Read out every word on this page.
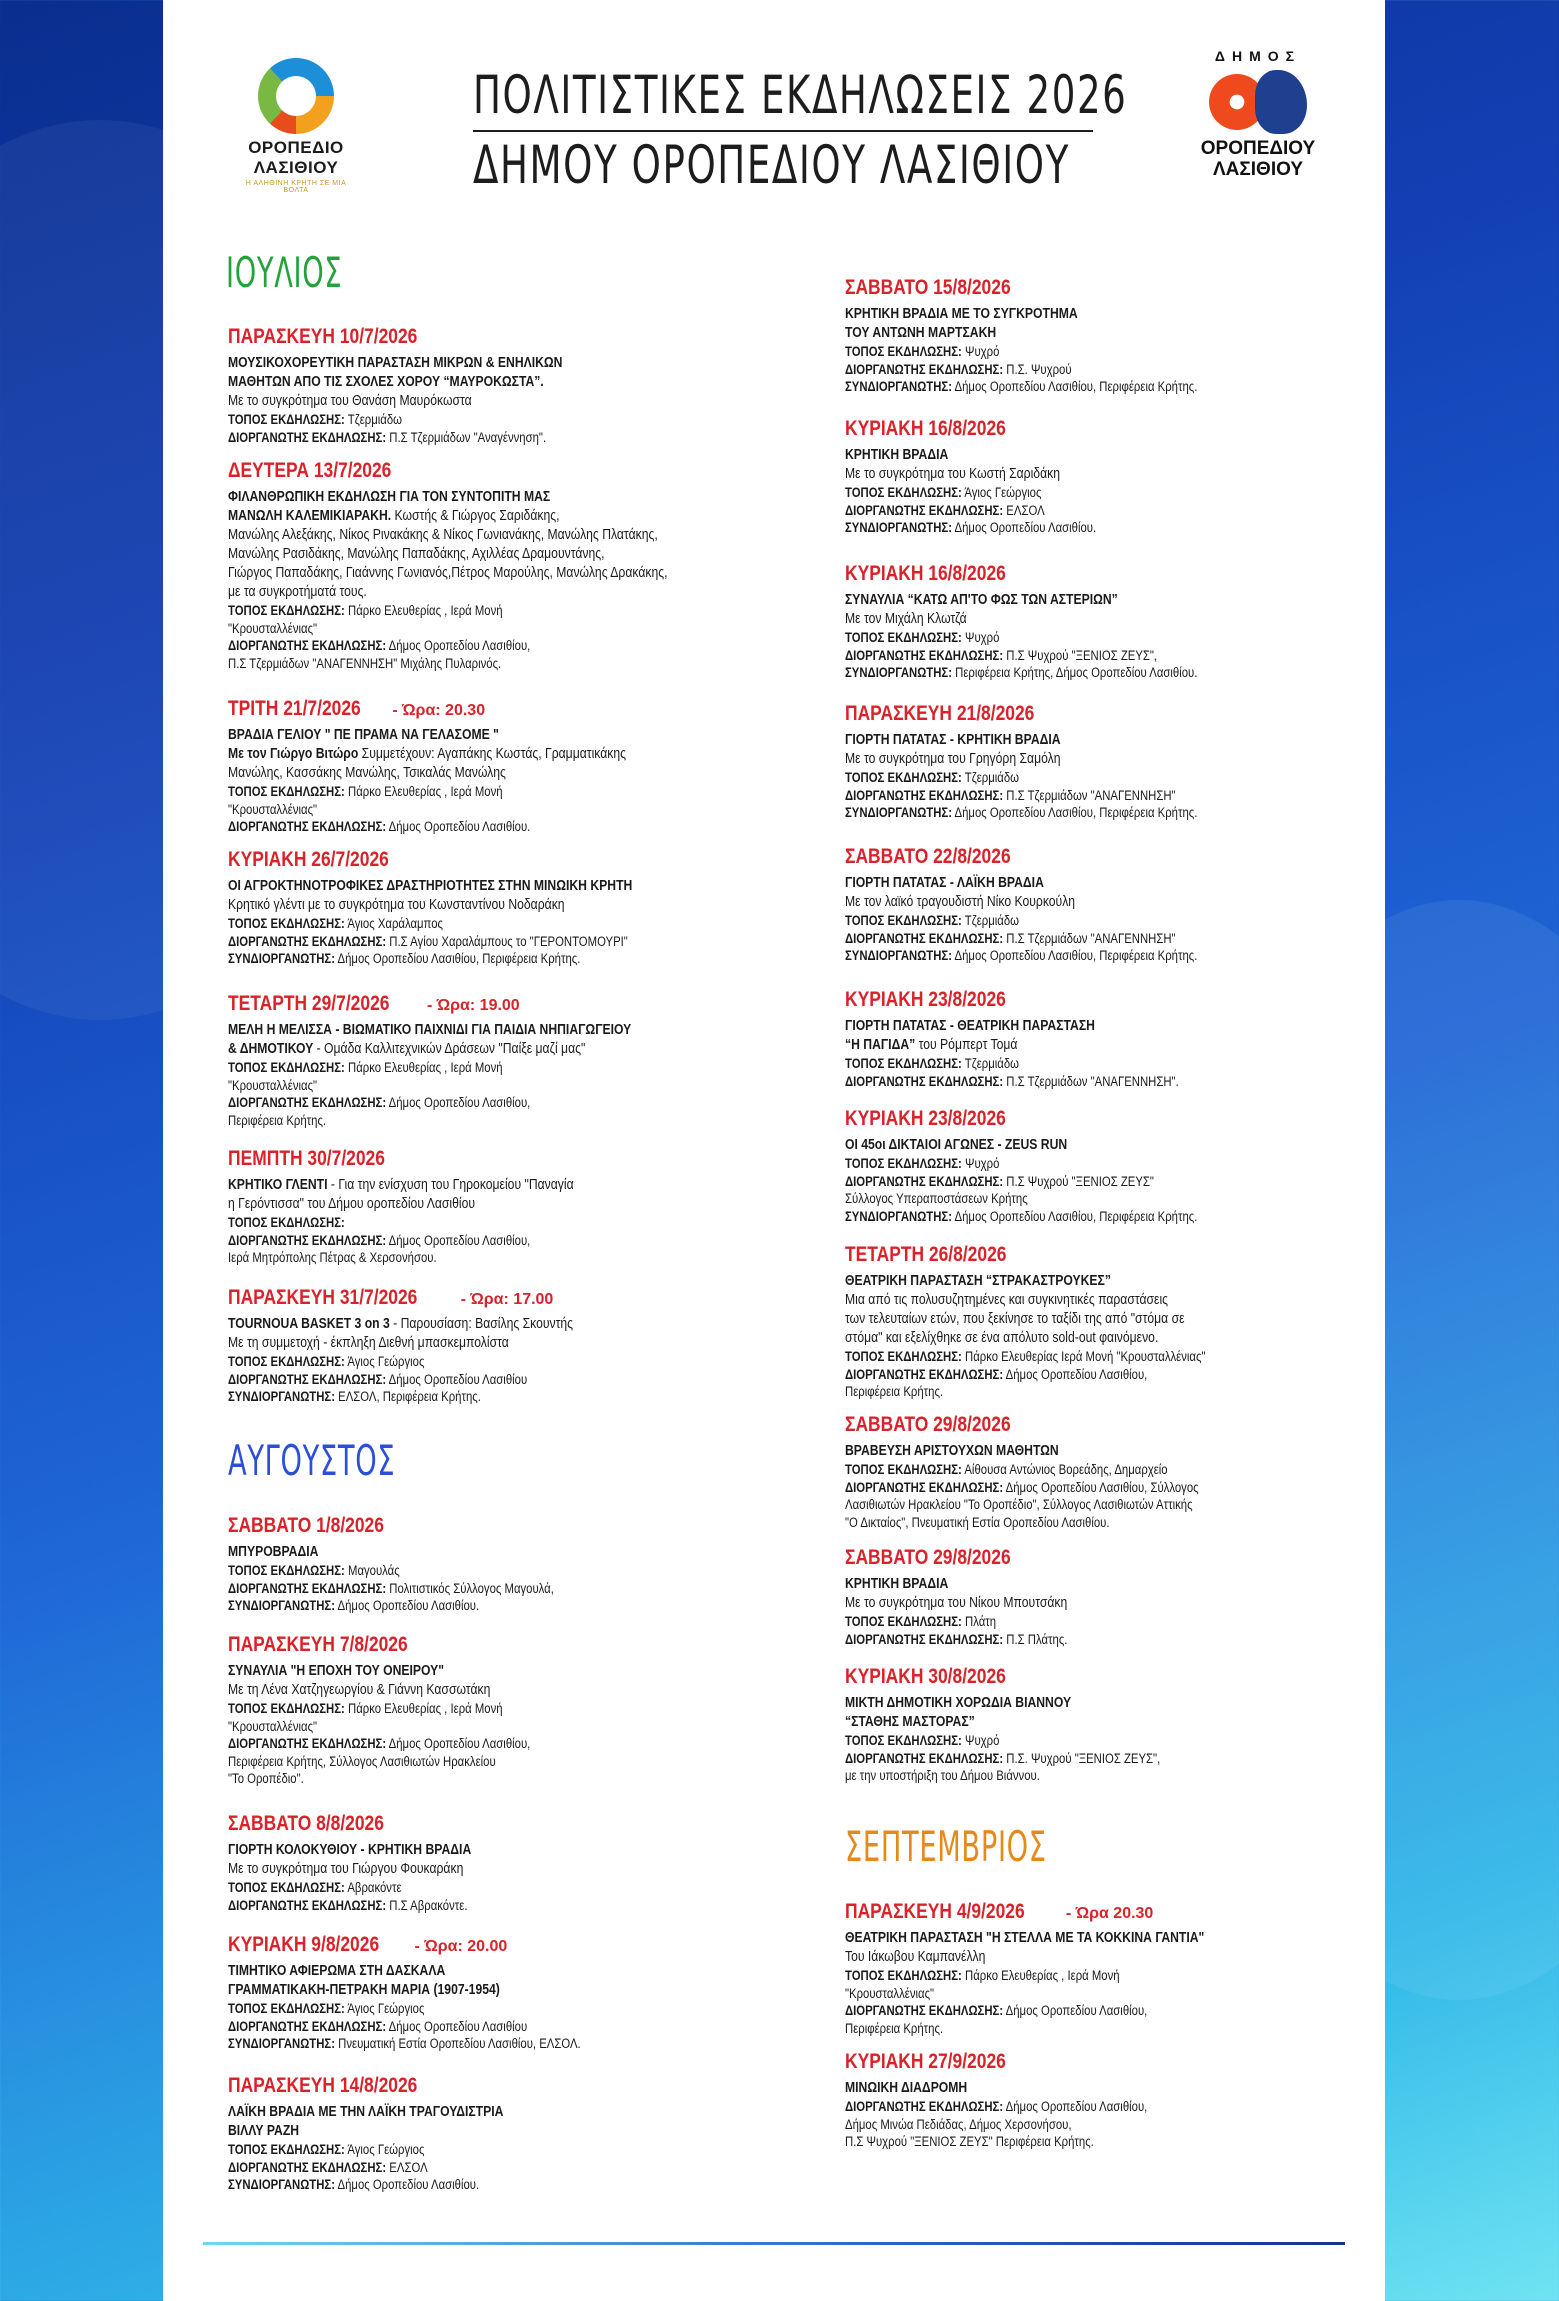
ΟΡΟΠΕΔΙΟ
ΛΑΣΙΘΙΟΥ
Η ΑΛΗΘΙΝΗ ΚΡΗΤΗ ΣΕ ΜΙΑ ΒΟΛΤΑ
ΠΟΛΙΤΙΣΤΙΚΕΣ ΕΚΔΗΛΩΣΕΙΣ 2026
ΔΗΜΟΥ ΟΡΟΠΕΔΙΟΥ ΛΑΣΙΘΙΟΥ
ΔΗΜΟΣ
ΟΡΟΠΕΔΙΟΥ
ΛΑΣΙΘΙΟΥ
ΙΟΥΛΙΟΣ
ΠΑΡΑΣΚΕΥΗ 10/7/2026
ΜΟΥΣΙΚΟΧΟΡΕΥΤΙΚΗ ΠΑΡΑΣΤΑΣΗ ΜΙΚΡΩΝ & ΕΝΗΛΙΚΩΝ
ΜΑΘΗΤΩΝ ΑΠΟ ΤΙΣ ΣΧΟΛΕΣ ΧΟΡΟΥ “ΜΑΥΡΟΚΩΣΤΑ”.
Με το συγκρότημα του Θανάση Μαυρόκωστα
ΤΟΠΟΣ ΕΚΔΗΛΩΣΗΣ: Τζερμιάδω
ΔΙΟΡΓΑΝΩΤΗΣ ΕΚΔΗΛΩΣΗΣ: Π.Σ Τζερμιάδων "Αναγέννηση".
ΔΕΥΤΕΡΑ 13/7/2026
ΦΙΛΑΝΘΡΩΠΙΚΗ ΕΚΔΗΛΩΣΗ ΓΙΑ ΤΟΝ ΣΥΝΤΟΠΙΤΗ ΜΑΣ
ΜΑΝΩΛΗ ΚΑΛΕΜΙΚΙΑΡΑΚΗ. Κωστής & Γιώργος Σαριδάκης,
Μανώλης Αλεξάκης, Νίκος Ρινακάκης & Νίκος Γωνιανάκης, Μανώλης Πλατάκης,
Μανώλης Ρασιδάκης, Μανώλης Παπαδάκης, Αχιλλέας Δραμουντάνης,
Γιώργος Παπαδάκης, Γιαάννης Γωνιανός,Πέτρος Μαρούλης, Μανώλης Δρακάκης,
με τα συγκροτήματά τους.
ΤΟΠΟΣ ΕΚΔΗΛΩΣΗΣ: Πάρκο Ελευθερίας , Ιερά Μονή
"Κρουσταλλένιας"
ΔΙΟΡΓΑΝΩΤΗΣ ΕΚΔΗΛΩΣΗΣ: Δήμος Οροπεδίου Λασιθίου,
Π.Σ Τζερμιάδων "ΑΝΑΓΕΝΝΗΣΗ" Μιχάλης Πυλαρινός.
ΤΡΙΤΗ 21/7/2026 - Ώρα: 20.30
ΒΡΑΔΙΑ ΓΕΛΙΟΥ " ΠΕ ΠΡΑΜΑ ΝΑ ΓΕΛΑΣΟΜΕ "
Με τον Γιώργο Βιτώρο Συμμετέχουν: Αγαπάκης Κωστάς, Γραμματικάκης
Μανώλης, Κασσάκης Μανώλης, Τσικαλάς Μανώλης
ΤΟΠΟΣ ΕΚΔΗΛΩΣΗΣ: Πάρκο Ελευθερίας , Ιερά Μονή
"Κρουσταλλένιας"
ΔΙΟΡΓΑΝΩΤΗΣ ΕΚΔΗΛΩΣΗΣ: Δήμος Οροπεδίου Λασιθίου.
ΚΥΡΙΑΚΗ 26/7/2026
ΟΙ ΑΓΡΟΚΤΗΝΟΤΡΟΦΙΚΕΣ ΔΡΑΣΤΗΡΙΟΤΗΤΕΣ ΣΤΗΝ ΜΙΝΩΙΚΗ ΚΡΗΤΗ
Κρητικό γλέντι με το συγκρότημα του Κωνσταντίνου Νοδαράκη
ΤΟΠΟΣ ΕΚΔΗΛΩΣΗΣ: Άγιος Χαράλαμπος
ΔΙΟΡΓΑΝΩΤΗΣ ΕΚΔΗΛΩΣΗΣ: Π.Σ Αγίου Χαραλάμπους το "ΓΕΡΟΝΤΟΜΟΥΡΙ"
ΣΥΝΔΙΟΡΓΑΝΩΤΗΣ: Δήμος Οροπεδίου Λασιθίου, Περιφέρεια Κρήτης.
ΤΕΤΑΡΤΗ 29/7/2026 - Ώρα: 19.00
ΜΕΛΗ Η ΜΕΛΙΣΣΑ - ΒΙΩΜΑΤΙΚΟ ΠΑΙΧΝΙΔΙ ΓΙΑ ΠΑΙΔΙΑ ΝΗΠΙΑΓΩΓΕΙΟΥ
& ΔΗΜΟΤΙΚΟΥ - Ομάδα Καλλιτεχνικών Δράσεων "Παίξε μαζί μας"
ΤΟΠΟΣ ΕΚΔΗΛΩΣΗΣ: Πάρκο Ελευθερίας , Ιερά Μονή
"Κρουσταλλένιας"
ΔΙΟΡΓΑΝΩΤΗΣ ΕΚΔΗΛΩΣΗΣ: Δήμος Οροπεδίου Λασιθίου,
Περιφέρεια Κρήτης.
ΠΕΜΠΤΗ 30/7/2026
ΚΡΗΤΙΚΟ ΓΛΕΝΤΙ - Για την ενίσχυση του Γηροκομείου "Παναγία
η Γερόντισσα" του Δήμου οροπεδίου Λασιθίου
ΤΟΠΟΣ ΕΚΔΗΛΩΣΗΣ:
ΔΙΟΡΓΑΝΩΤΗΣ ΕΚΔΗΛΩΣΗΣ: Δήμος Οροπεδίου Λασιθίου,
Ιερά Μητρόπολης Πέτρας & Χερσονήσου.
ΠΑΡΑΣΚΕΥΗ 31/7/2026 - Ώρα: 17.00
TOURNOUA BASKET 3 on 3 - Παρουσίαση: Βασίλης Σκουντής
Με τη συμμετοχή - έκπληξη Διεθνή μπασκεμπολίστα
ΤΟΠΟΣ ΕΚΔΗΛΩΣΗΣ: Άγιος Γεώργιος
ΔΙΟΡΓΑΝΩΤΗΣ ΕΚΔΗΛΩΣΗΣ: Δήμος Οροπεδίου Λασιθίου
ΣΥΝΔΙΟΡΓΑΝΩΤΗΣ: ΕΛΣΟΛ, Περιφέρεια Κρήτης.
ΑΥΓΟΥΣΤΟΣ
ΣΑΒΒΑΤΟ 1/8/2026
ΜΠΥΡΟΒΡΑΔΙΑ
ΤΟΠΟΣ ΕΚΔΗΛΩΣΗΣ: Μαγουλάς
ΔΙΟΡΓΑΝΩΤΗΣ ΕΚΔΗΛΩΣΗΣ: Πολιτιστικός Σύλλογος Μαγουλά,
ΣΥΝΔΙΟΡΓΑΝΩΤΗΣ: Δήμος Οροπεδίου Λασιθίου.
ΠΑΡΑΣΚΕΥΗ 7/8/2026
ΣΥΝΑΥΛΙΑ "Η ΕΠΟΧΗ ΤΟΥ ΟΝΕΙΡΟΥ"
Με τη Λένα Χατζηγεωργίου & Γιάννη Κασσωτάκη
ΤΟΠΟΣ ΕΚΔΗΛΩΣΗΣ: Πάρκο Ελευθερίας , Ιερά Μονή
"Κρουσταλλένιας"
ΔΙΟΡΓΑΝΩΤΗΣ ΕΚΔΗΛΩΣΗΣ: Δήμος Οροπεδίου Λασιθίου,
Περιφέρεια Κρήτης, Σύλλογος Λασιθιωτών Ηρακλείου
"Το Οροπέδιο".
ΣΑΒΒΑΤΟ 8/8/2026
ΓΙΟΡΤΗ ΚΟΛΟΚΥΘΙΟΥ - ΚΡΗΤΙΚΗ ΒΡΑΔΙΑ
Με το συγκρότημα του Γιώργου Φουκαράκη
ΤΟΠΟΣ ΕΚΔΗΛΩΣΗΣ: Αβρακόντε
ΔΙΟΡΓΑΝΩΤΗΣ ΕΚΔΗΛΩΣΗΣ: Π.Σ Αβρακόντε.
ΚΥΡΙΑΚΗ 9/8/2026 - Ώρα: 20.00
ΤΙΜΗΤΙΚΟ ΑΦΙΕΡΩΜΑ ΣΤΗ ΔΑΣΚΑΛΑ
ΓΡΑΜΜΑΤΙΚΑΚΗ-ΠΕΤΡΑΚΗ ΜΑΡΙΑ (1907-1954)
ΤΟΠΟΣ ΕΚΔΗΛΩΣΗΣ: Άγιος Γεώργιος
ΔΙΟΡΓΑΝΩΤΗΣ ΕΚΔΗΛΩΣΗΣ: Δήμος Οροπεδίου Λασιθίου
ΣΥΝΔΙΟΡΓΑΝΩΤΗΣ: Πνευματική Εστία Οροπεδίου Λασιθίου, ΕΛΣΟΛ.
ΠΑΡΑΣΚΕΥΗ 14/8/2026
ΛΑΪΚΗ ΒΡΑΔΙΑ ΜΕ ΤΗΝ ΛΑΪΚΗ ΤΡΑΓΟΥΔΙΣΤΡΙΑ
ΒΙΛΛΥ ΡΑΖΗ
ΤΟΠΟΣ ΕΚΔΗΛΩΣΗΣ: Άγιος Γεώργιος
ΔΙΟΡΓΑΝΩΤΗΣ ΕΚΔΗΛΩΣΗΣ: ΕΛΣΟΛ
ΣΥΝΔΙΟΡΓΑΝΩΤΗΣ: Δήμος Οροπεδίου Λασιθίου.
ΣΑΒΒΑΤΟ 15/8/2026
ΚΡΗΤΙΚΗ ΒΡΑΔΙΑ ΜΕ ΤΟ ΣΥΓΚΡΟΤΗΜΑ
ΤΟΥ ΑΝΤΩΝΗ ΜΑΡΤΣΑΚΗ
ΤΟΠΟΣ ΕΚΔΗΛΩΣΗΣ: Ψυχρό
ΔΙΟΡΓΑΝΩΤΗΣ ΕΚΔΗΛΩΣΗΣ: Π.Σ. Ψυχρού
ΣΥΝΔΙΟΡΓΑΝΩΤΗΣ: Δήμος Οροπεδίου Λασιθίου, Περιφέρεια Κρήτης.
ΚΥΡΙΑΚΗ 16/8/2026
ΚΡΗΤΙΚΗ ΒΡΑΔΙΑ
Με το συγκρότημα του Κωστή Σαριδάκη
ΤΟΠΟΣ ΕΚΔΗΛΩΣΗΣ: Άγιος Γεώργιος
ΔΙΟΡΓΑΝΩΤΗΣ ΕΚΔΗΛΩΣΗΣ: ΕΛΣΟΛ
ΣΥΝΔΙΟΡΓΑΝΩΤΗΣ: Δήμος Οροπεδίου Λασιθίου.
ΚΥΡΙΑΚΗ 16/8/2026
ΣΥΝΑΥΛΙΑ “ΚΑΤΩ ΑΠ'ΤΟ ΦΩΣ ΤΩΝ ΑΣΤΕΡΙΩΝ”
Με τον Μιχάλη Κλωτζά
ΤΟΠΟΣ ΕΚΔΗΛΩΣΗΣ: Ψυχρό
ΔΙΟΡΓΑΝΩΤΗΣ ΕΚΔΗΛΩΣΗΣ: Π.Σ Ψυχρού "ΞΕΝΙΟΣ ΖΕΥΣ",
ΣΥΝΔΙΟΡΓΑΝΩΤΗΣ: Περιφέρεια Κρήτης, Δήμος Οροπεδίου Λασιθίου.
ΠΑΡΑΣΚΕΥΗ 21/8/2026
ΓΙΟΡΤΗ ΠΑΤΑΤΑΣ - ΚΡΗΤΙΚΗ ΒΡΑΔΙΑ
Με το συγκρότημα του Γρηγόρη Σαμόλη
ΤΟΠΟΣ ΕΚΔΗΛΩΣΗΣ: Τζερμιάδω
ΔΙΟΡΓΑΝΩΤΗΣ ΕΚΔΗΛΩΣΗΣ: Π.Σ Τζερμιάδων "ΑΝΑΓΕΝΝΗΣΗ"
ΣΥΝΔΙΟΡΓΑΝΩΤΗΣ: Δήμος Οροπεδίου Λασιθίου, Περιφέρεια Κρήτης.
ΣΑΒΒΑΤΟ 22/8/2026
ΓΙΟΡΤΗ ΠΑΤΑΤΑΣ - ΛΑΪΚΗ ΒΡΑΔΙΑ
Με τον λαϊκό τραγουδιστή Νίκο Κουρκούλη
ΤΟΠΟΣ ΕΚΔΗΛΩΣΗΣ: Τζερμιάδω
ΔΙΟΡΓΑΝΩΤΗΣ ΕΚΔΗΛΩΣΗΣ: Π.Σ Τζερμιάδων "ΑΝΑΓΕΝΝΗΣΗ"
ΣΥΝΔΙΟΡΓΑΝΩΤΗΣ: Δήμος Οροπεδίου Λασιθίου, Περιφέρεια Κρήτης.
ΚΥΡΙΑΚΗ 23/8/2026
ΓΙΟΡΤΗ ΠΑΤΑΤΑΣ - ΘΕΑΤΡΙΚΗ ΠΑΡΑΣΤΑΣΗ
“Η ΠΑΓΙΔΑ” του Ρόμπερτ Τομά
ΤΟΠΟΣ ΕΚΔΗΛΩΣΗΣ: Τζερμιάδω
ΔΙΟΡΓΑΝΩΤΗΣ ΕΚΔΗΛΩΣΗΣ: Π.Σ Τζερμιάδων "ΑΝΑΓΕΝΝΗΣΗ".
ΚΥΡΙΑΚΗ 23/8/2026
ΟΙ 45οι ΔΙΚΤΑΙΟΙ ΑΓΩΝΕΣ - ZEUS RUN
ΤΟΠΟΣ ΕΚΔΗΛΩΣΗΣ: Ψυχρό
ΔΙΟΡΓΑΝΩΤΗΣ ΕΚΔΗΛΩΣΗΣ: Π.Σ Ψυχρού "ΞΕΝΙΟΣ ΖΕΥΣ"
Σύλλογος Υπεραποστάσεων Κρήτης
ΣΥΝΔΙΟΡΓΑΝΩΤΗΣ: Δήμος Οροπεδίου Λασιθίου, Περιφέρεια Κρήτης.
ΤΕΤΑΡΤΗ 26/8/2026
ΘΕΑΤΡΙΚΗ ΠΑΡΑΣΤΑΣΗ “ΣΤΡΑΚΑΣΤΡΟΥΚΕΣ”
Μια από τις πολυσυζητημένες και συγκινητικές παραστάσεις
των τελευταίων ετών, που ξεκίνησε το ταξίδι της από "στόμα σε
στόμα" και εξελίχθηκε σε ένα απόλυτο sold-out φαινόμενο.
ΤΟΠΟΣ ΕΚΔΗΛΩΣΗΣ: Πάρκο Ελευθερίας Ιερά Μονή "Κρουσταλλένιας"
ΔΙΟΡΓΑΝΩΤΗΣ ΕΚΔΗΛΩΣΗΣ: Δήμος Οροπεδίου Λασιθίου,
Περιφέρεια Κρήτης.
ΣΑΒΒΑΤΟ 29/8/2026
ΒΡΑΒΕΥΣΗ ΑΡΙΣΤΟΥΧΩΝ ΜΑΘΗΤΩΝ
ΤΟΠΟΣ ΕΚΔΗΛΩΣΗΣ: Αίθουσα Αντώνιος Βορεάδης, Δημαρχείο
ΔΙΟΡΓΑΝΩΤΗΣ ΕΚΔΗΛΩΣΗΣ: Δήμος Οροπεδίου Λασιθίου, Σύλλογος
Λασιθιωτών Ηρακλείου "Το Οροπέδιο", Σύλλογος Λασιθιωτών Αττικής
"Ο Δικταίος", Πνευματική Εστία Οροπεδίου Λασιθίου.
ΣΑΒΒΑΤΟ 29/8/2026
ΚΡΗΤΙΚΗ ΒΡΑΔΙΑ
Με το συγκρότημα του Νίκου Μπουτσάκη
ΤΟΠΟΣ ΕΚΔΗΛΩΣΗΣ: Πλάτη
ΔΙΟΡΓΑΝΩΤΗΣ ΕΚΔΗΛΩΣΗΣ: Π.Σ Πλάτης.
ΚΥΡΙΑΚΗ 30/8/2026
ΜΙΚΤΗ ΔΗΜΟΤΙΚΗ ΧΟΡΩΔΙΑ ΒΙΑΝΝΟΥ
“ΣΤΑΘΗΣ ΜΑΣΤΟΡΑΣ”
ΤΟΠΟΣ ΕΚΔΗΛΩΣΗΣ: Ψυχρό
ΔΙΟΡΓΑΝΩΤΗΣ ΕΚΔΗΛΩΣΗΣ: Π.Σ. Ψυχρού "ΞΕΝΙΟΣ ΖΕΥΣ",
με την υποστήριξη του Δήμου Βιάννου.
ΣΕΠΤΕΜΒΡΙΟΣ
ΠΑΡΑΣΚΕΥΗ 4/9/2026 - Ώρα 20.30
ΘΕΑΤΡΙΚΗ ΠΑΡΑΣΤΑΣΗ "Η ΣΤΕΛΛΑ ΜΕ ΤΑ ΚΟΚΚΙΝΑ ΓΑΝΤΙΑ"
Του Ιάκωβου Καμπανέλλη
ΤΟΠΟΣ ΕΚΔΗΛΩΣΗΣ: Πάρκο Ελευθερίας , Ιερά Μονή
"Κρουσταλλένιας"
ΔΙΟΡΓΑΝΩΤΗΣ ΕΚΔΗΛΩΣΗΣ: Δήμος Οροπεδίου Λασιθίου,
Περιφέρεια Κρήτης.
ΚΥΡΙΑΚΗ 27/9/2026
ΜΙΝΩΙΚΗ ΔΙΑΔΡΟΜΗ
ΔΙΟΡΓΑΝΩΤΗΣ ΕΚΔΗΛΩΣΗΣ: Δήμος Οροπεδίου Λασιθίου,
Δήμος Μινώα Πεδιάδας, Δήμος Χερσονήσου,
Π.Σ Ψυχρού "ΞΕΝΙΟΣ ΖΕΥΣ" Περιφέρεια Κρήτης.
